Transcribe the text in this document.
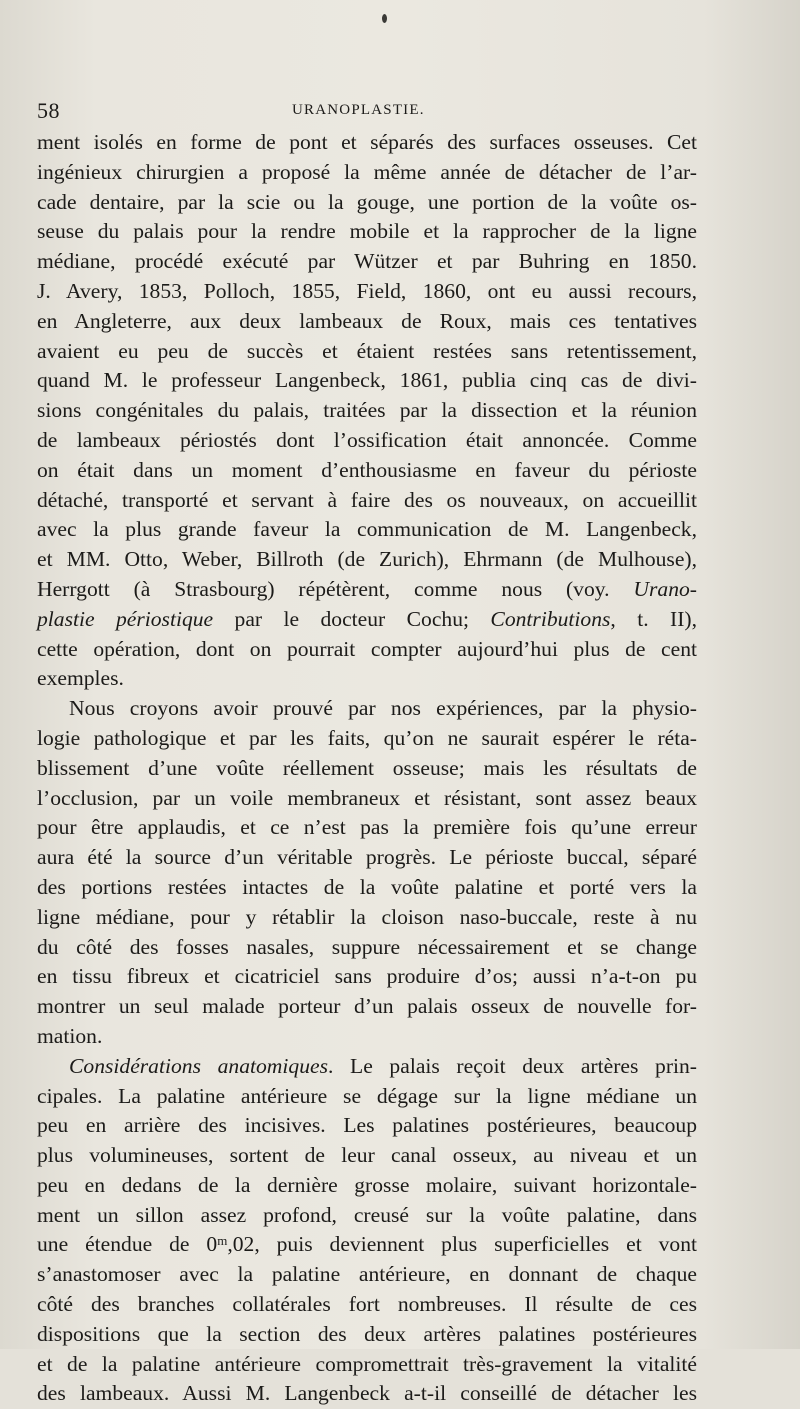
58	URANOPLASTIE.
ment isolés en forme de pont et séparés des surfaces osseuses. Cet
ingénieux chirurgien a proposé la même année de détacher de l’ar-
cade dentaire, par la scie ou la gouge, une portion de la voûte os-
seuse du palais pour la rendre mobile et la rapprocher de la ligne
médiane, procédé exécuté par Wützer et par Buhring en 1850.
J. Avery, 1853, Polloch, 1855, Field, 1860, ont eu aussi recours,
en Angleterre, aux deux lambeaux de Roux, mais ces tentatives
avaient eu peu de succès et étaient restées sans retentissement,
quand M. le professeur Langenbeck, 1861, publia cinq cas de divi-
sions congénitales du palais, traitées par la dissection et la réunion
de lambeaux périostés dont l’ossification était annoncée. Comme
on était dans un moment d’enthousiasme en faveur du périoste
détaché, transporté et servant à faire des os nouveaux, on accueillit
avec la plus grande faveur la communication de M. Langenbeck,
et MM. Otto, Weber, Billroth (de Zurich), Ehrmann (de Mulhouse),
Herrgott (à Strasbourg) répétèrent, comme nous (voy. Urano-
plastie périostique par le docteur Cochu; Contributions, t. II),
cette opération, dont on pourrait compter aujourd’hui plus de cent
exemples.
Nous croyons avoir prouvé par nos expériences, par la physio-
logie pathologique et par les faits, qu’on ne saurait espérer le réta-
blissement d’une voûte réellement osseuse; mais les résultats de
l’occlusion, par un voile membraneux et résistant, sont assez beaux
pour être applaudis, et ce n’est pas la première fois qu’une erreur
aura été la source d’un véritable progrès. Le périoste buccal, séparé
des portions restées intactes de la voûte palatine et porté vers la
ligne médiane, pour y rétablir la cloison naso-buccale, reste à nu
du côté des fosses nasales, suppure nécessairement et se change
en tissu fibreux et cicatriciel sans produire d’os; aussi n’a-t-on pu
montrer un seul malade porteur d’un palais osseux de nouvelle for-
mation.
Considérations anatomiques. Le palais reçoit deux artères prin-
cipales. La palatine antérieure se dégage sur la ligne médiane un
peu en arrière des incisives. Les palatines postérieures, beaucoup
plus volumineuses, sortent de leur canal osseux, au niveau et un
peu en dedans de la dernière grosse molaire, suivant horizontale-
ment un sillon assez profond, creusé sur la voûte palatine, dans
une étendue de 0$^m$,02, puis deviennent plus superficielles et vont
s’anastomoser avec la palatine antérieure, en donnant de chaque
côté des branches collatérales fort nombreuses. Il résulte de ces
dispositions que la section des deux artères palatines postérieures
et de la palatine antérieure compromettrait très-gravement la vitalité
des lambeaux. Aussi M. Langenbeck a-t-il conseillé de détacher les
